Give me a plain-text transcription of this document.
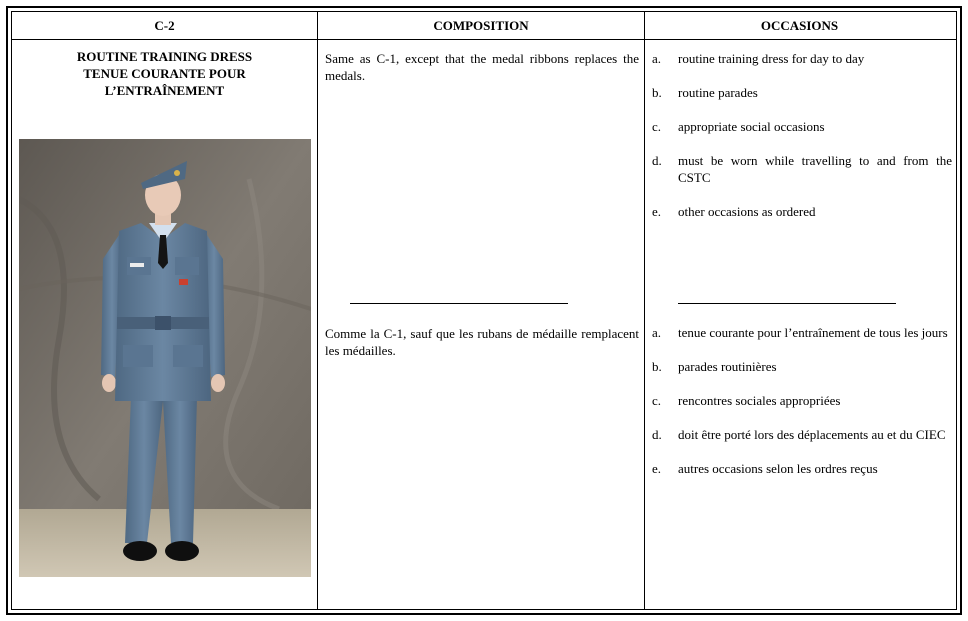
C-2	COMPOSITION	OCCASIONS
ROUTINE TRAINING DRESS
TENUE COURANTE POUR
L’ENTRAÎNEMENT
Same as C-1, except that the medal ribbons replaces the medals.
Comme la C-1, sauf que les rubans de médaille remplacent les médailles.
a. routine training dress for day to day
b. routine parades
c. appropriate social occasions
d. must be worn while travelling to and from the CSTC
e. other occasions as ordered
a. tenue courante pour l’entraînement de tous les jours
b. parades routinières
c. rencontres sociales appropriées
d. doit être porté lors des déplacements au et du CIEC
e. autres occasions selon les ordres reçus
